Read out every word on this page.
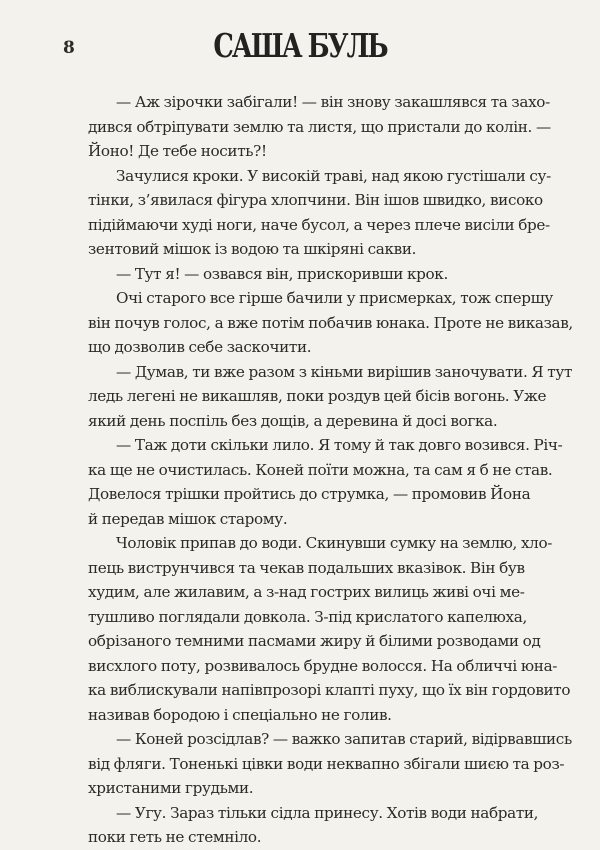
8	САША БУЛЬ
— Аж зірочки забігали! — він знову закашлявся та захо-
дився обтріпувати землю та листя, що пристали до колін. —
Йоно! Де тебе носить?!
Зачулися кроки. У високій траві, над якою густішали су-
тінки, з’явилася фігура хлопчини. Він ішов швидко, високо
підіймаючи худі ноги, наче бусол, а через плече висіли бре-
зентовий мішок із водою та шкіряні сакви.
— Тут я! — озвався він, прискоривши крок.
Очі старого все гірше бачили у присмерках, тож спершу
він почув голос, а вже потім побачив юнака. Проте не виказав,
що дозволив себе заскочити.
— Думав, ти вже разом з кіньми вирішив заночувати. Я тут
ледь легені не викашляв, поки роздув цей бісів вогонь. Уже
який день поспіль без дощів, а деревина й досі вогка.
— Таж доти скільки лило. Я тому й так довго возився. Річ-
ка ще не очистилась. Коней поїти можна, та сам я б не став.
Довелося трішки пройтись до струмка, — промовив Йона
й передав мішок старому.
Чоловік припав до води. Скинувши сумку на землю, хло-
пець виструнчився та чекав подальших вказівок. Він був
худим, але жилавим, а з-над гострих вилиць живі очі ме-
тушливо поглядали довкола. З-під крислатого капелюха,
обрізаного темними пасмами жиру й білими розводами од
висхлого поту, розвивалось брудне волосся. На обличчі юна-
ка виблискували напівпрозорі клапті пуху, що їх він гордовито
називав бородою і спеціально не голив.
— Коней розсідлав? — важко запитав старий, відірвавшись
від фляги. Тоненькі цівки води неквапно збігали шиєю та роз-
христаними грудьми.
— Угу. Зараз тільки сідла принесу. Хотів води набрати,
поки геть не стемніло.
